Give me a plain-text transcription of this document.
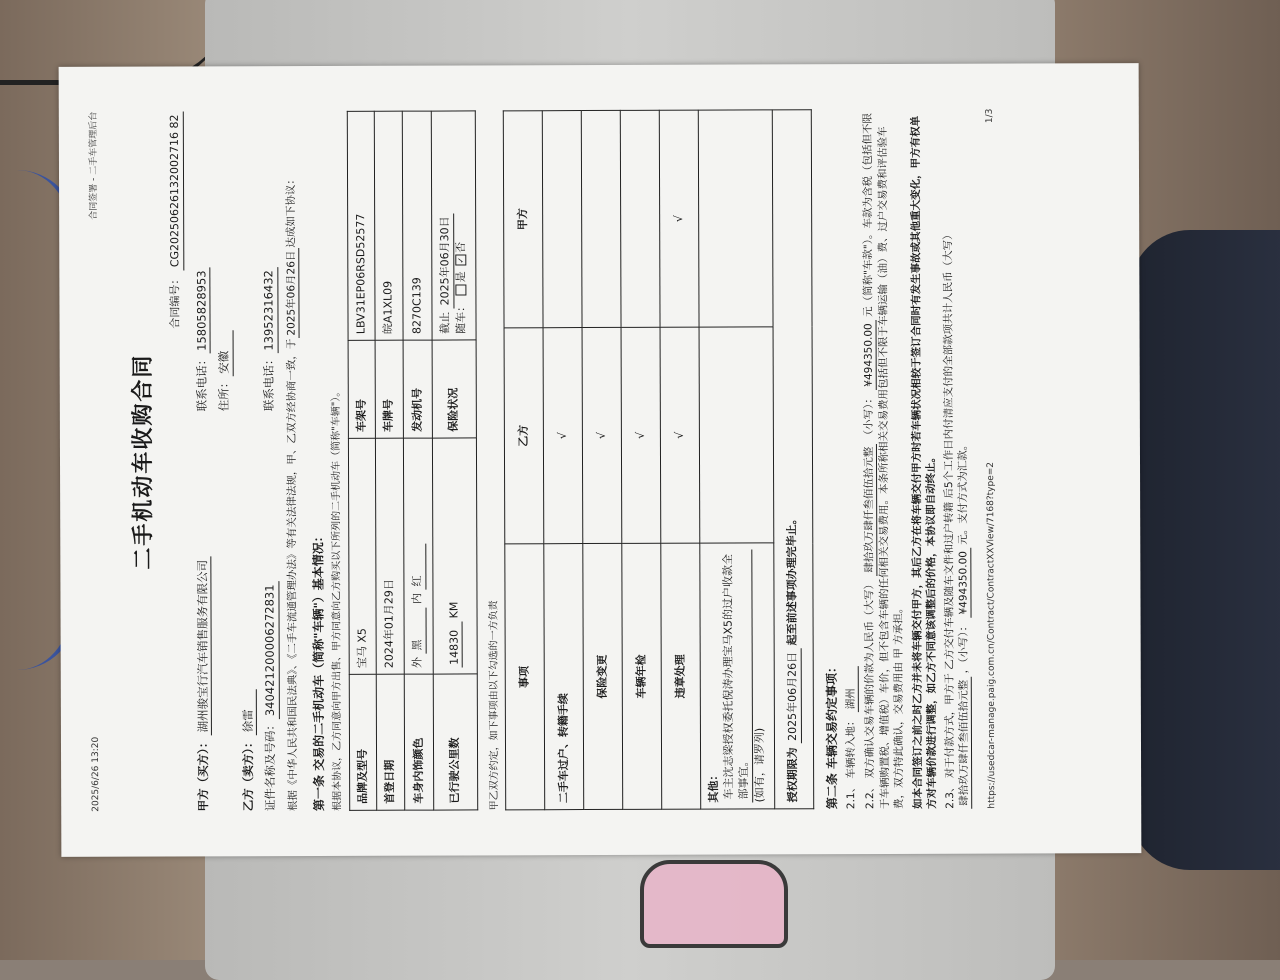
2025/6/26 13:20
合同签署 - 二手车管理后台
二手机动车收购合同
合同编号： CG20250626132002716 82
甲方（买方）：
湖州骏宝行汽车销售服务有限公司
联系电话：15805828953
住所：安徽
乙方（卖方）：
徐雷 证件名称及号码：340421200006272831
联系电话：13952316432
根据《中华人民共和国民法典》、《二手车流通管理办法》等有关法律法规，甲、乙双方经协商一致，于2025年06月26日达成如下协议：
第一条 交易的二手机动车（简称"车辆"）基本情况： 根据本协议，乙方同意向甲方出售、甲方同意向乙方购买以下所列的二手机动车（简称"车辆"）。 品牌及型号	宝马 X5	车架号	LBV31EP06RSD52577
首登日期	2024年01月29日	车牌号	皖A1XL09
车身内饰颜色	外 黑 内 红	发动机号	8270C139
已行驶公里数	14830 KM	保险状况	截止 2025年06月30日
随车： 是 ✓否
甲乙双方约定，如下事项由以下勾选的一方负责 事项	乙方	甲方
二手车过户、转籍手续	√	
保险变更	√	
车辆年检	√	
违章处理	√	√
其他： 车主沈志梁授权委托倪涛办理宝马X5的过户收款全部事宜。 (如有，请罗列)		
授权期限为 2025年06月26日 起至前述事项办理完毕止。		
第二条 车辆交易约定事项： 2.1、 车辆转入地： 湖州
2.2、 双方确认交易车辆的价款为人民币（大写） 肆拾玖万肆仟叁佰伍拾元整 （小写）： ¥494350.00 元（简称"车款"）。车款为含税（包括但不限于车辆购置税、增值税）车价，但不包含车辆的任何相关交易费用。本条所称相关交易费用包括但不限于车辆运输（油）费、过户交易费和评估验车费，双方特此确认，交易费用由 甲 方承担。 如本合同签订之前之时乙方并未将车辆交付甲方，其后乙方在将车辆交付甲方时若车辆状况相较于签订合同时有发生事故或其他重大变化，甲方有权单方对车辆价款进行调整，如乙方不同意该调整后的价格，本协议即自动终止。 2.3、 对于付款方式，甲方于 乙方交付车辆及随车文件和过户转籍 后5个工作日内付清应支付的全部款项共计人民币（大写） 肆拾玖万肆仟叁佰伍拾元整 ，（小写）： ¥494350.00 元。支付方式为汇款。	https://usedcar-manage.paig.com.cn/Contract/ContractXXView/7168?type=2
1/3
